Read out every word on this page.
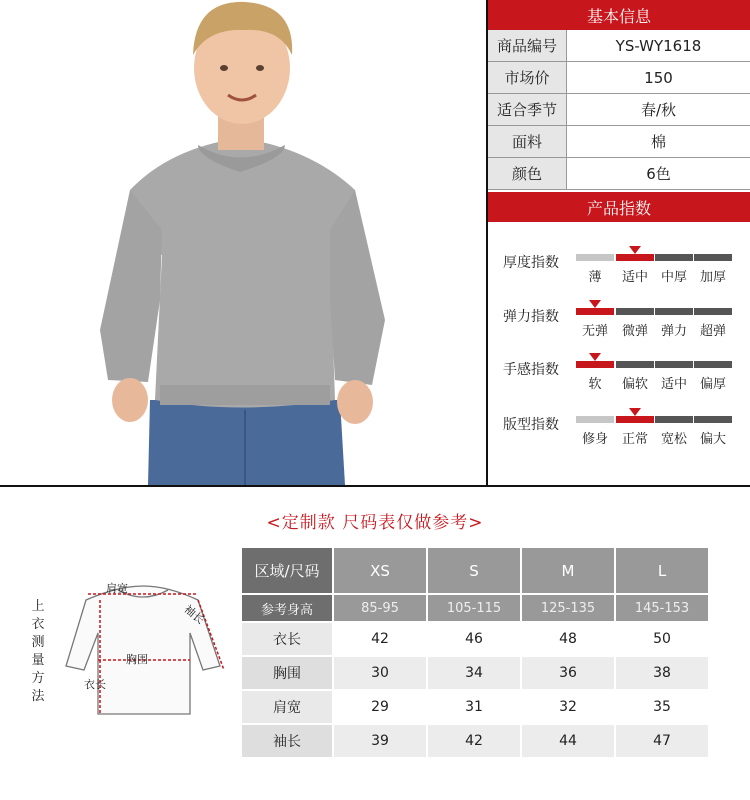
基本信息
商品编号	YS-WY1618
市场价	150
适合季节	春/秋
面料	棉
颜色	6色
产品指数
厚度指数
薄	适中 中厚 加厚
弹力指数
无弹	微弹 弹力 超弹
手感指数
软	偏软 适中 偏厚
版型指数
修身	正常 宽松 偏大
<定制款 尺码表仅做参考>
上衣测量方法
肩宽
袖长
胸围
衣长
区域/尺码	XS	S	M	L
参考身高	85-95	105-115	125-135	145-153
衣长	42	46	48	50
胸围	30	34	36	38
肩宽	29	31	32	35
袖长	39	42	44	47
